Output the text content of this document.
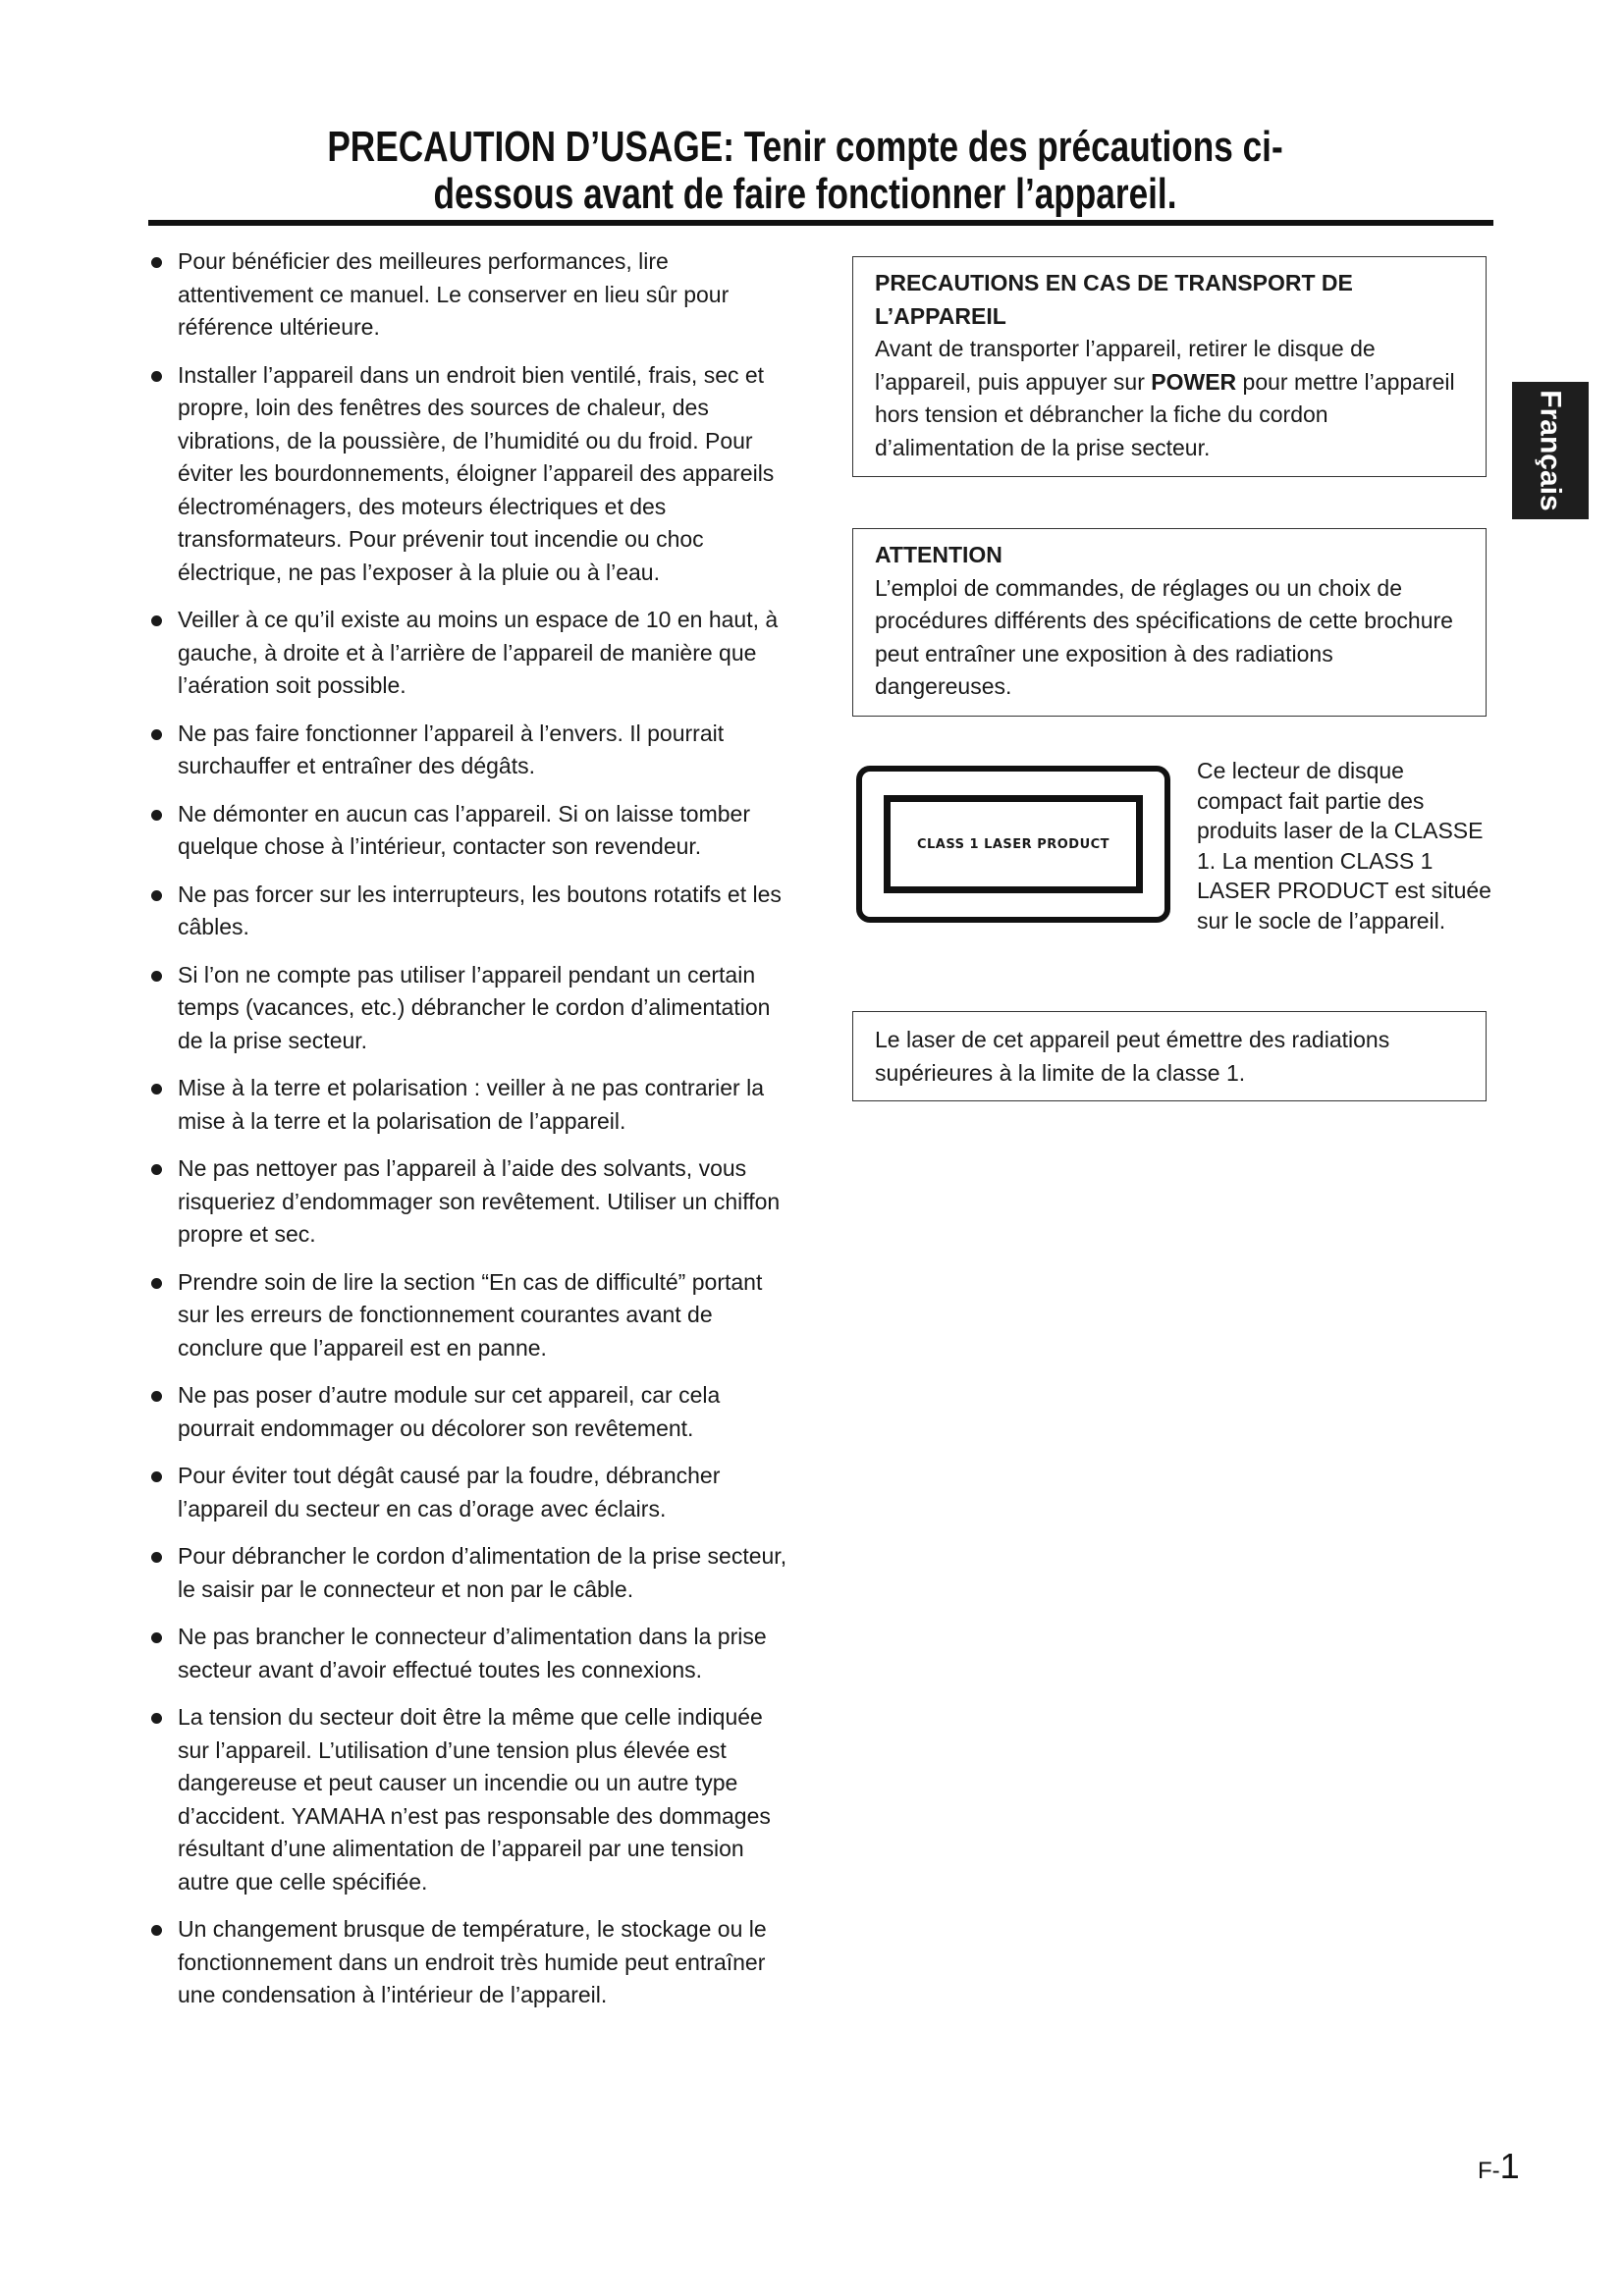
PRECAUTION D’USAGE: Tenir compte des précautions ci-dessous avant de faire fonctionner l’appareil.
Pour bénéficier des meilleures performances, lire attentivement ce manuel. Le conserver en lieu sûr pour référence ultérieure.
Installer l’appareil dans un endroit bien ventilé, frais, sec et propre, loin des fenêtres des sources de chaleur, des vibrations, de la poussière, de l’humidité ou du froid. Pour éviter les bourdonnements, éloigner l’appareil des appareils électroménagers, des moteurs électriques et des transformateurs. Pour prévenir tout incendie ou choc électrique, ne pas l’exposer à la pluie ou à l’eau.
Veiller à ce qu’il existe au moins un espace de 10 en haut, à gauche, à droite et à l’arrière de l’appareil de manière que l’aération soit possible.
Ne pas faire fonctionner l’appareil à l’envers. Il pourrait surchauffer et entraîner des dégâts.
Ne démonter en aucun cas l’appareil. Si on laisse tomber quelque chose à l’intérieur, contacter son revendeur.
Ne pas forcer sur les interrupteurs, les boutons rotatifs et les câbles.
Si l’on ne compte pas utiliser l’appareil pendant un certain temps (vacances, etc.) débrancher le cordon d’alimentation de la prise secteur.
Mise à la terre et polarisation : veiller à ne pas contrarier la mise à la terre et la polarisation de l’appareil.
Ne pas nettoyer pas l’appareil à l’aide des solvants, vous risqueriez d’endommager son revêtement. Utiliser un chiffon propre et sec.
Prendre soin de lire la section “En cas de difficulté” portant sur les erreurs de fonctionnement courantes avant de conclure que l’appareil est en panne.
Ne pas poser d’autre module sur cet appareil, car cela pourrait endommager ou décolorer son revêtement.
Pour éviter tout dégât causé par la foudre, débrancher l’appareil du secteur en cas d’orage avec éclairs.
Pour débrancher le cordon d’alimentation de la prise secteur, le saisir par le connecteur et non par le câble.
Ne pas brancher le connecteur d’alimentation dans la prise secteur avant d’avoir effectué toutes les connexions.
La tension du secteur doit être la même que celle indiquée sur l’appareil. L’utilisation d’une tension plus élevée est dangereuse et peut causer un incendie ou un autre type d’accident. YAMAHA n’est pas responsable des dommages résultant d’une alimentation de l’appareil par une tension autre que celle spécifiée.
Un changement brusque de température, le stockage ou le fonctionnement dans un endroit très humide peut entraîner une condensation à l’intérieur de l’appareil.
PRECAUTIONS EN CAS DE TRANSPORT DE L’APPAREIL
Avant de transporter l’appareil, retirer le disque de l’appareil, puis appuyer sur POWER pour mettre l’appareil hors tension et débrancher la fiche du cordon d’alimentation de la prise secteur.
ATTENTION
L’emploi de commandes, de réglages ou un choix de procédures différents des spécifications de cette brochure peut entraîner une exposition à des radiations dangereuses.
CLASS 1 LASER PRODUCT
Ce lecteur de disque compact fait partie des produits laser de la CLASSE 1. La mention CLASS 1 LASER PRODUCT est située sur le socle de l’appareil.
Le laser de cet appareil peut émettre des radiations supérieures à la limite de la classe 1.
Français
F-1
